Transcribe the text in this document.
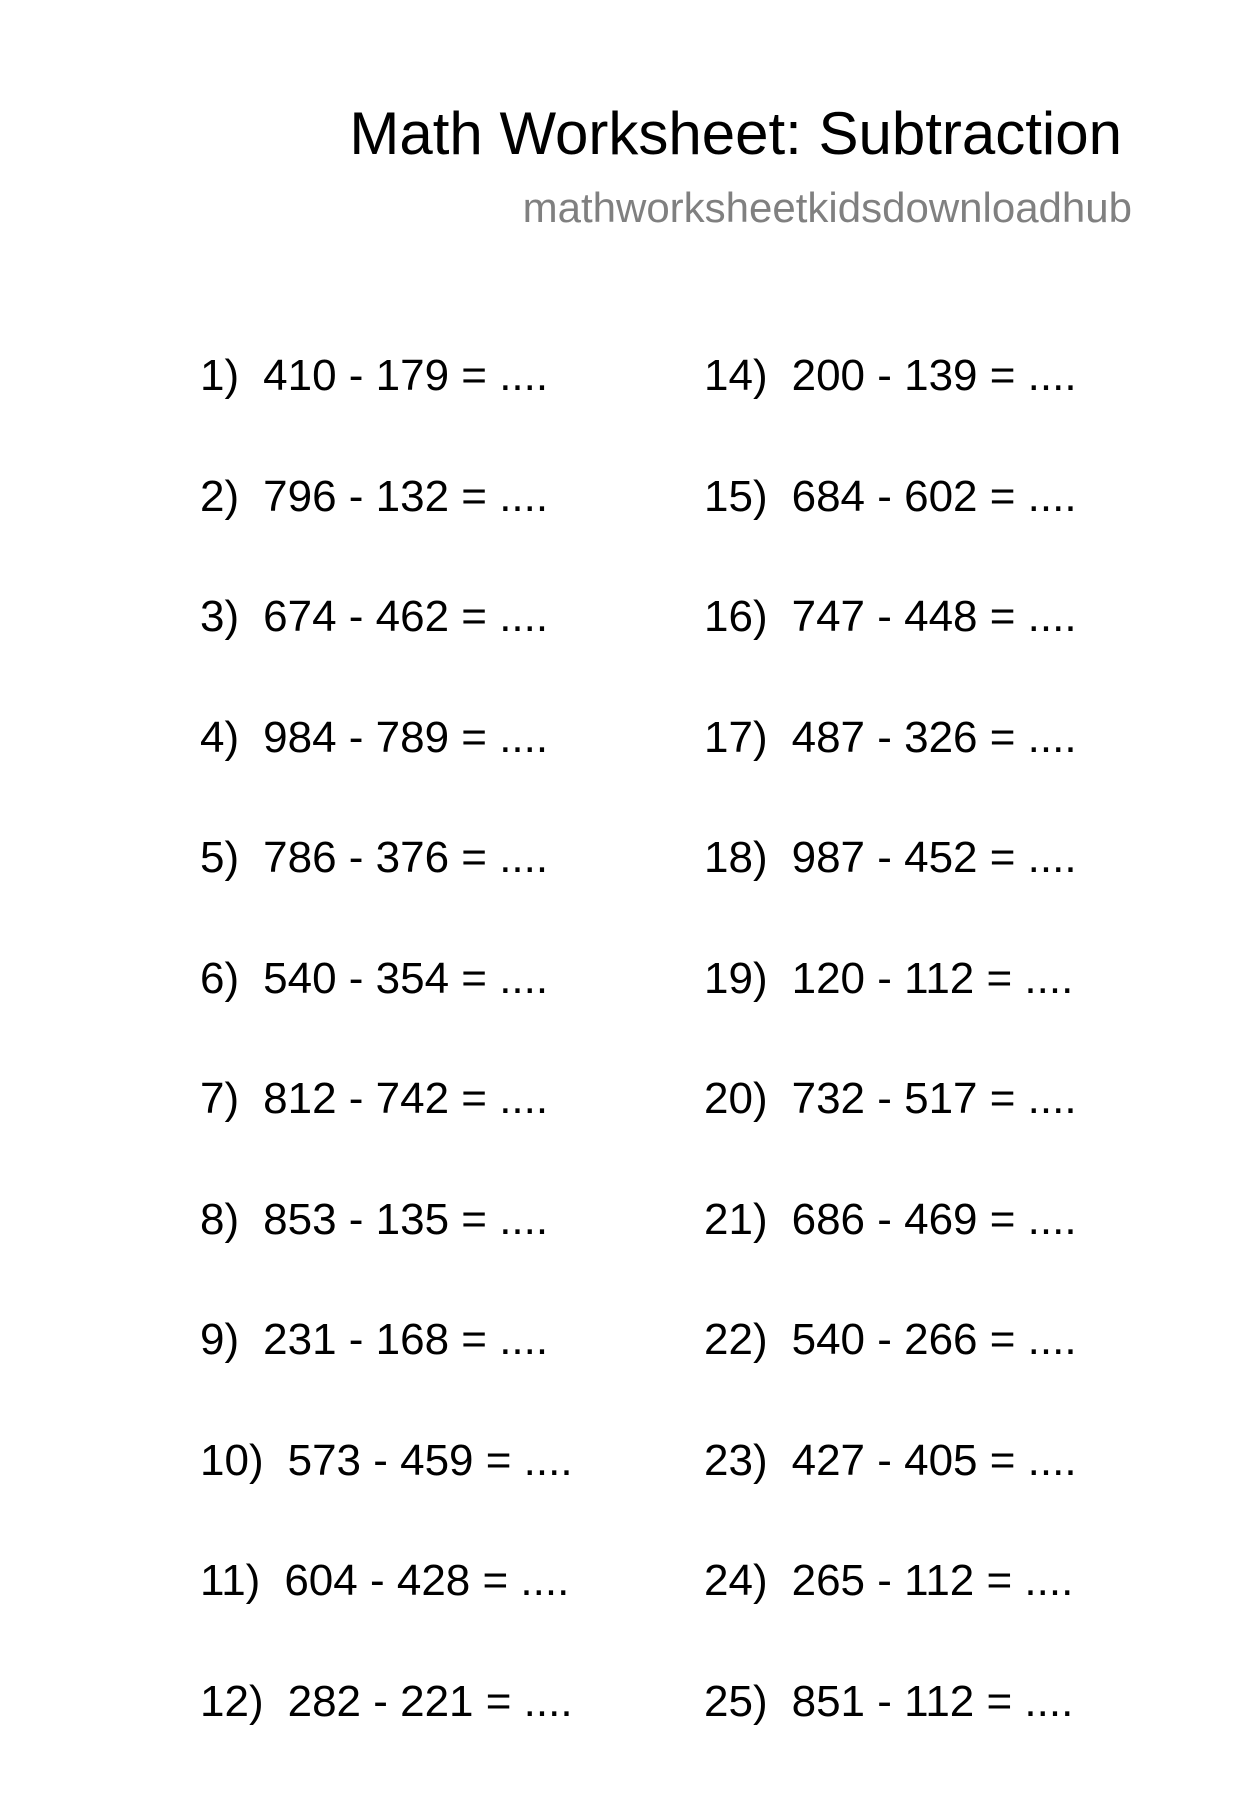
Math Worksheet: Subtraction
mathworksheetkidsdownloadhub
1) 410 - 179 = ....
2) 796 - 132 = ....
3) 674 - 462 = ....
4) 984 - 789 = ....
5) 786 - 376 = ....
6) 540 - 354 = ....
7) 812 - 742 = ....
8) 853 - 135 = ....
9) 231 - 168 = ....
10) 573 - 459 = ....
11) 604 - 428 = ....
12) 282 - 221 = ....
14) 200 - 139 = ....
15) 684 - 602 = ....
16) 747 - 448 = ....
17) 487 - 326 = ....
18) 987 - 452 = ....
19) 120 - 112 = ....
20) 732 - 517 = ....
21) 686 - 469 = ....
22) 540 - 266 = ....
23) 427 - 405 = ....
24) 265 - 112 = ....
25) 851 - 112 = ....
